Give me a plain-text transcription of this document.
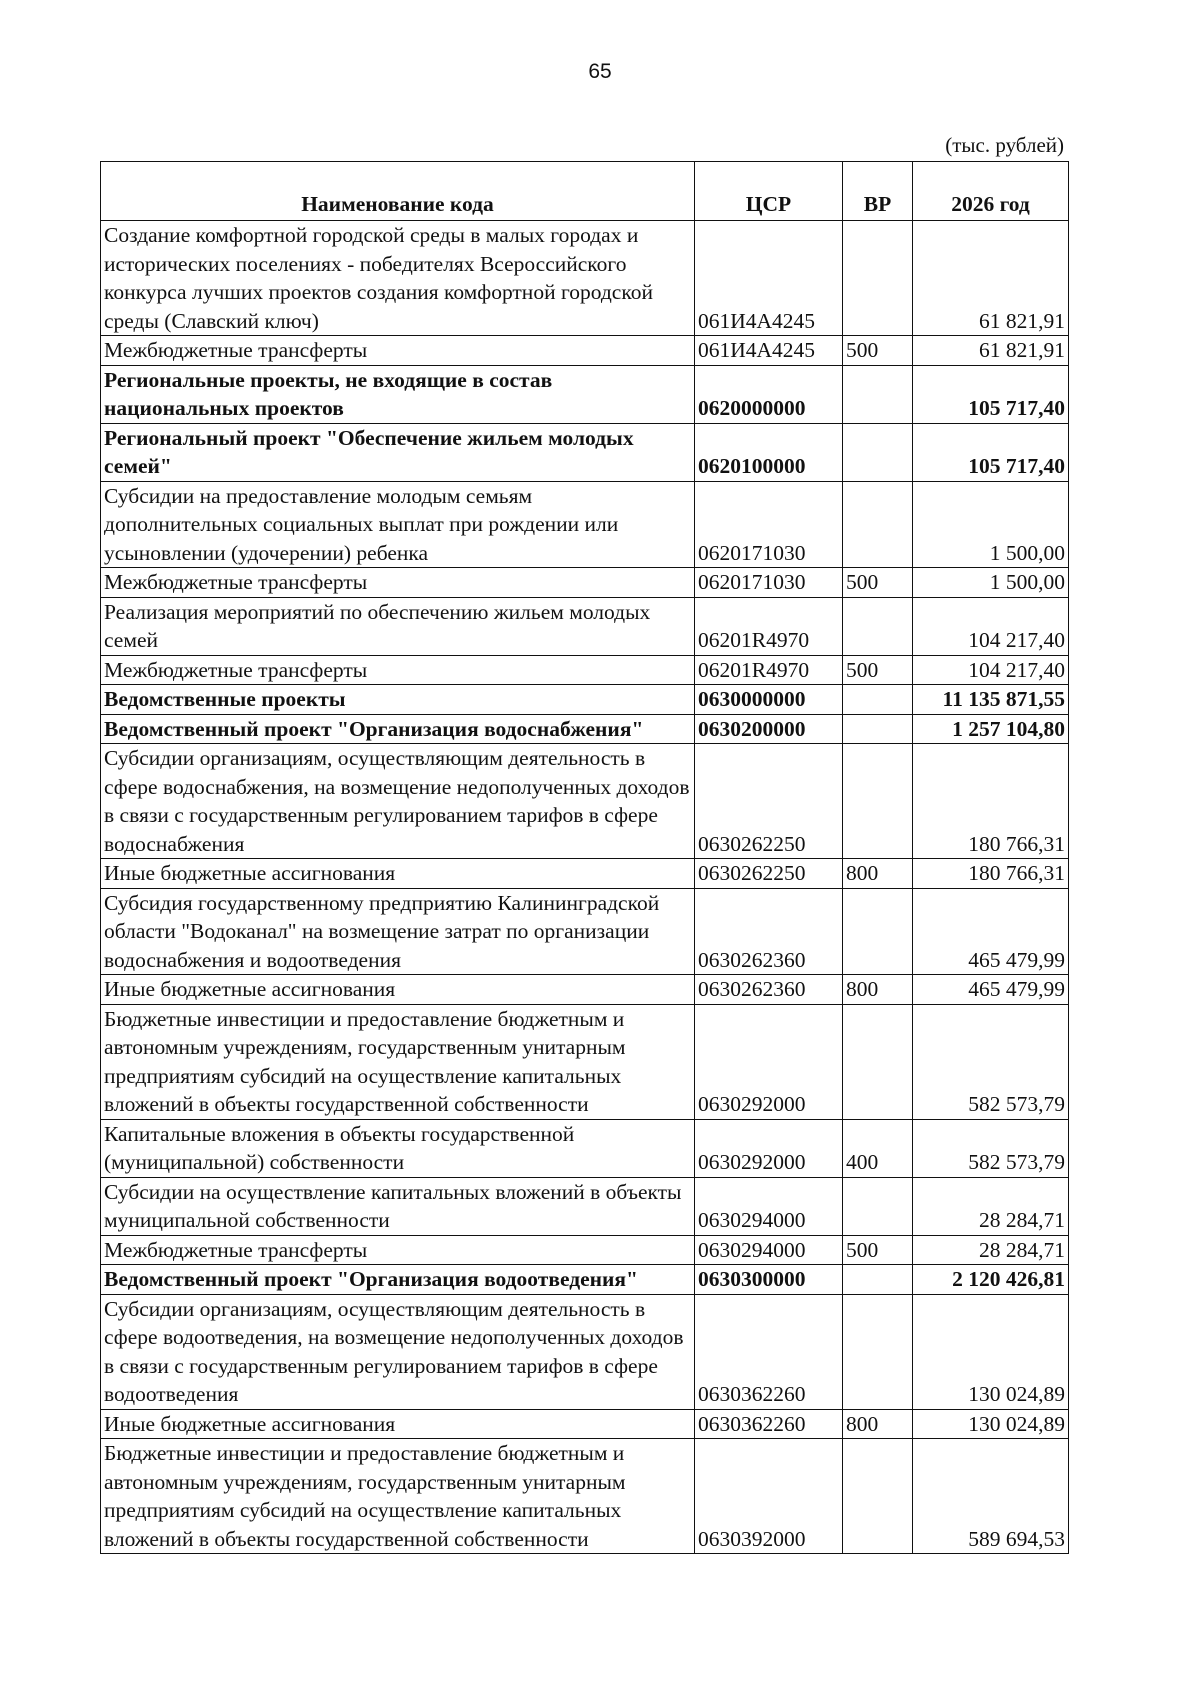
65
(тыс. рублей)
Наименование кода	ЦСР	ВР	2026 год
Создание комфортной городской среды в малых городах и исторических поселениях - победителях Всероссийского конкурса лучших проектов создания комфортной городской среды (Славский ключ)	061И4А4245		61 821,91
Межбюджетные трансферты	061И4А4245	500	61 821,91
Региональные проекты, не входящие в состав национальных проектов	0620000000		105 717,40
Региональный проект "Обеспечение жильем молодых семей"	0620100000		105 717,40
Субсидии на предоставление молодым семьям дополнительных социальных выплат при рождении или усыновлении (удочерении) ребенка	0620171030		1 500,00
Межбюджетные трансферты	0620171030	500	1 500,00
Реализация мероприятий по обеспечению жильем молодых семей	06201R4970		104 217,40
Межбюджетные трансферты	06201R4970	500	104 217,40
Ведомственные проекты	0630000000		11 135 871,55
Ведомственный проект "Организация водоснабжения"	0630200000		1 257 104,80
Субсидии организациям, осуществляющим деятельность в сфере водоснабжения, на возмещение недополученных доходов в связи с государственным регулированием тарифов в сфере водоснабжения	0630262250		180 766,31
Иные бюджетные ассигнования	0630262250	800	180 766,31
Субсидия государственному предприятию Калининградской области "Водоканал" на возмещение затрат по организации водоснабжения и водоотведения	0630262360		465 479,99
Иные бюджетные ассигнования	0630262360	800	465 479,99
Бюджетные инвестиции и предоставление бюджетным и автономным учреждениям, государственным унитарным предприятиям субсидий на осуществление капитальных вложений в объекты государственной собственности	0630292000		582 573,79
Капитальные вложения в объекты государственной (муниципальной) собственности	0630292000	400	582 573,79
Субсидии на осуществление капитальных вложений в объекты муниципальной собственности	0630294000		28 284,71
Межбюджетные трансферты	0630294000	500	28 284,71
Ведомственный проект "Организация водоотведения"	0630300000		2 120 426,81
Субсидии организациям, осуществляющим деятельность в сфере водоотведения, на возмещение недополученных доходов в связи с государственным регулированием тарифов в сфере водоотведения	0630362260		130 024,89
Иные бюджетные ассигнования	0630362260	800	130 024,89
Бюджетные инвестиции и предоставление бюджетным и автономным учреждениям, государственным унитарным предприятиям субсидий на осуществление капитальных вложений в объекты государственной собственности	0630392000		589 694,53
